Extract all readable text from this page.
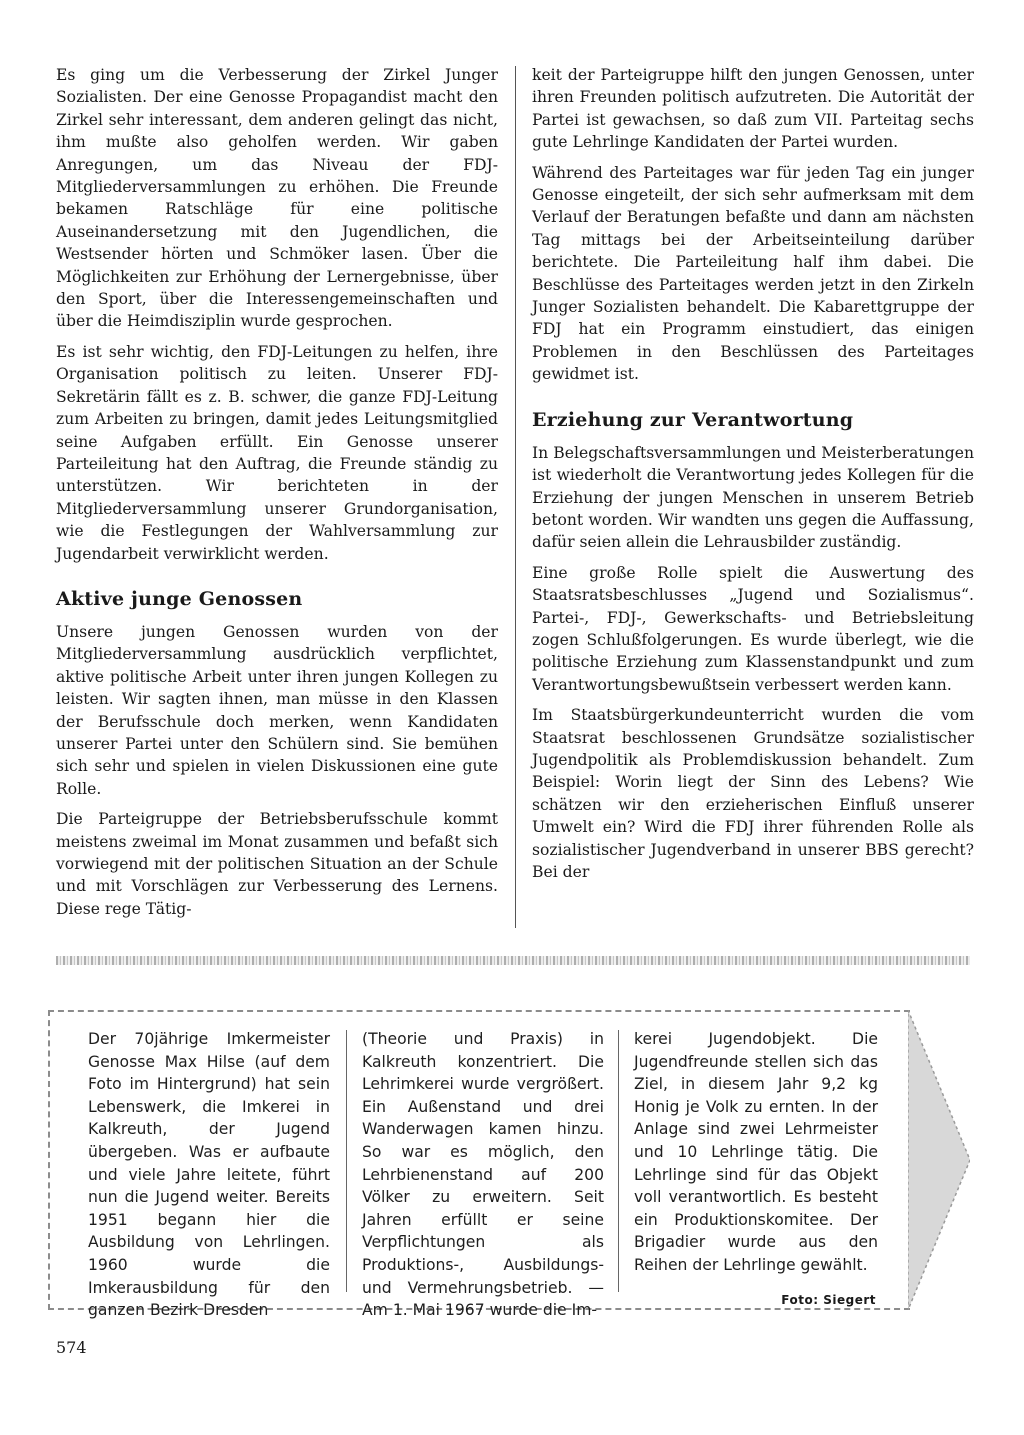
Es ging um die Verbesserung der Zirkel Junger Sozialisten. Der eine Genosse Propagandist macht den Zirkel sehr interessant, dem anderen gelingt das nicht, ihm mußte also geholfen werden. Wir gaben Anregungen, um das Niveau der FDJ-Mitgliederversammlungen zu erhöhen. Die Freunde bekamen Ratschläge für eine politische Auseinandersetzung mit den Jugendlichen, die Westsender hörten und Schmöker lasen. Über die Möglichkeiten zur Erhöhung der Lernergebnisse, über den Sport, über die Interessengemeinschaften und über die Heimdisziplin wurde gesprochen.

Es ist sehr wichtig, den FDJ-Leitungen zu helfen, ihre Organisation politisch zu leiten. Unserer FDJ-Sekretärin fällt es z. B. schwer, die ganze FDJ-Leitung zum Arbeiten zu bringen, damit jedes Leitungsmitglied seine Aufgaben erfüllt. Ein Genosse unserer Parteileitung hat den Auftrag, die Freunde ständig zu unterstützen. Wir berichteten in der Mitgliederversammlung unserer Grundorganisation, wie die Festlegungen der Wahlversammlung zur Jugendarbeit verwirklicht werden.

Aktive junge Genossen

Unsere jungen Genossen wurden von der Mitgliederversammlung ausdrücklich verpflichtet, aktive politische Arbeit unter ihren jungen Kollegen zu leisten. Wir sagten ihnen, man müsse in den Klassen der Berufsschule doch merken, wenn Kandidaten unserer Partei unter den Schülern sind. Sie bemühen sich sehr und spielen in vielen Diskussionen eine gute Rolle.

Die Parteigruppe der Betriebsberufsschule kommt meistens zweimal im Monat zusammen und befaßt sich vorwiegend mit der politischen Situation an der Schule und mit Vorschlägen zur Verbesserung des Lernens. Diese rege Tätig-

keit der Parteigruppe hilft den jungen Genossen, unter ihren Freunden politisch aufzutreten. Die Autorität der Partei ist gewachsen, so daß zum VII. Parteitag sechs gute Lehrlinge Kandidaten der Partei wurden.

Während des Parteitages war für jeden Tag ein junger Genosse eingeteilt, der sich sehr aufmerksam mit dem Verlauf der Beratungen befaßte und dann am nächsten Tag mittags bei der Arbeitseinteilung darüber berichtete. Die Parteileitung half ihm dabei. Die Beschlüsse des Parteitages werden jetzt in den Zirkeln Junger Sozialisten behandelt. Die Kabarettgruppe der FDJ hat ein Programm einstudiert, das einigen Problemen in den Beschlüssen des Parteitages gewidmet ist.

Erziehung zur Verantwortung

In Belegschaftsversammlungen und Meisterberatungen ist wiederholt die Verantwortung jedes Kollegen für die Erziehung der jungen Menschen in unserem Betrieb betont worden. Wir wandten uns gegen die Auffassung, dafür seien allein die Lehrausbilder zuständig.

Eine große Rolle spielt die Auswertung des Staatsratsbeschlusses „Jugend und Sozialismus“. Partei-, FDJ-, Gewerkschafts- und Betriebsleitung zogen Schlußfolgerungen. Es wurde überlegt, wie die politische Erziehung zum Klassenstandpunkt und zum Verantwortungsbewußtsein verbessert werden kann.

Im Staatsbürgerkundeunterricht wurden die vom Staatsrat beschlossenen Grundsätze sozialistischer Jugendpolitik als Problemdiskussion behandelt. Zum Beispiel: Worin liegt der Sinn des Lebens? Wie schätzen wir den erzieherischen Einfluß unserer Umwelt ein? Wird die FDJ ihrer führenden Rolle als sozialistischer Jugendverband in unserer BBS gerecht? Bei der

Der 70jährige Imkermeister Genosse Max Hilse (auf dem Foto im Hintergrund) hat sein Lebenswerk, die Imkerei in Kalkreuth, der Jugend übergeben. Was er aufbaute und viele Jahre leitete, führt nun die Jugend weiter. Bereits 1951 begann hier die Ausbildung von Lehrlingen. 1960 wurde die Imkerausbildung für den ganzen Bezirk Dresden

(Theorie und Praxis) in Kalkreuth konzentriert. Die Lehrimkerei wurde vergrößert. Ein Außenstand und drei Wanderwagen kamen hinzu. So war es möglich, den Lehrbienenstand auf 200 Völker zu erweitern. Seit Jahren erfüllt er seine Verpflichtungen als Produktions-, Ausbildungs- und Vermehrungsbetrieb. — Am 1. Mai 1967 wurde die Im-

kerei Jugendobjekt. Die Jugendfreunde stellen sich das Ziel, in diesem Jahr 9,2 kg Honig je Volk zu ernten. In der Anlage sind zwei Lehrmeister und 10 Lehrlinge tätig. Die Lehrlinge sind für das Objekt voll verantwortlich. Es besteht ein Produktionskomitee. Der Brigadier wurde aus den Reihen der Lehrlinge gewählt.

Foto: Siegert
574
